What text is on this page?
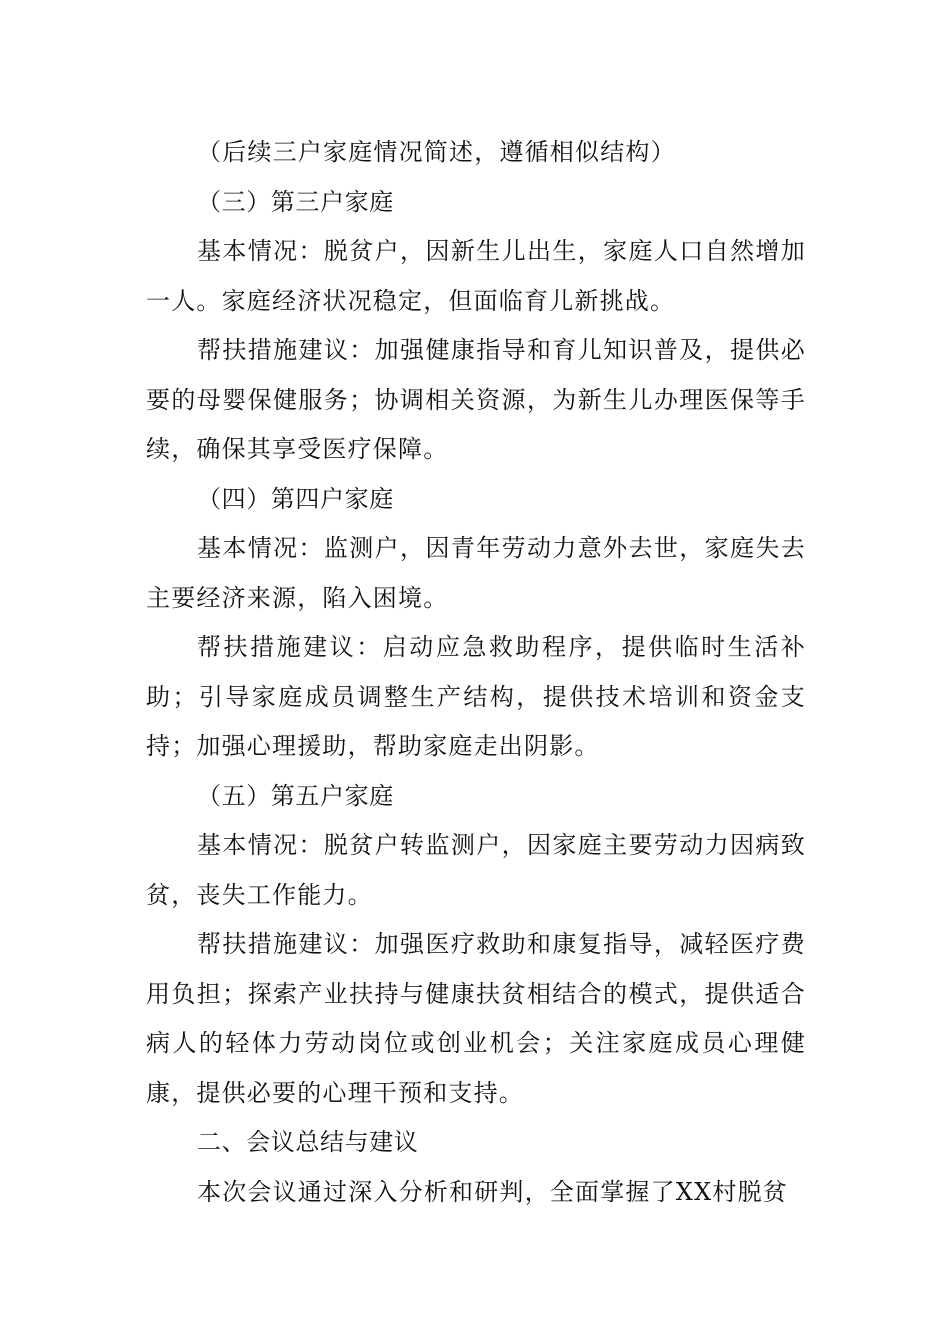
（后续三户家庭情况简述，遵循相似结构）

（三）第三户家庭

基本情况：脱贫户，因新生儿出生，家庭人口自然增加一人。家庭经济状况稳定，但面临育儿新挑战。

帮扶措施建议：加强健康指导和育儿知识普及，提供必要的母婴保健服务；协调相关资源，为新生儿办理医保等手续，确保其享受医疗保障。

（四）第四户家庭

基本情况：监测户，因青年劳动力意外去世，家庭失去主要经济来源，陷入困境。

帮扶措施建议：启动应急救助程序，提供临时生活补助；引导家庭成员调整生产结构，提供技术培训和资金支持；加强心理援助，帮助家庭走出阴影。

（五）第五户家庭

基本情况：脱贫户转监测户，因家庭主要劳动力因病致贫，丧失工作能力。

帮扶措施建议：加强医疗救助和康复指导，减轻医疗费用负担；探索产业扶持与健康扶贫相结合的模式，提供适合病人的轻体力劳动岗位或创业机会；关注家庭成员心理健康，提供必要的心理干预和支持。

二、会议总结与建议

本次会议通过深入分析和研判，全面掌握了XX村脱贫
